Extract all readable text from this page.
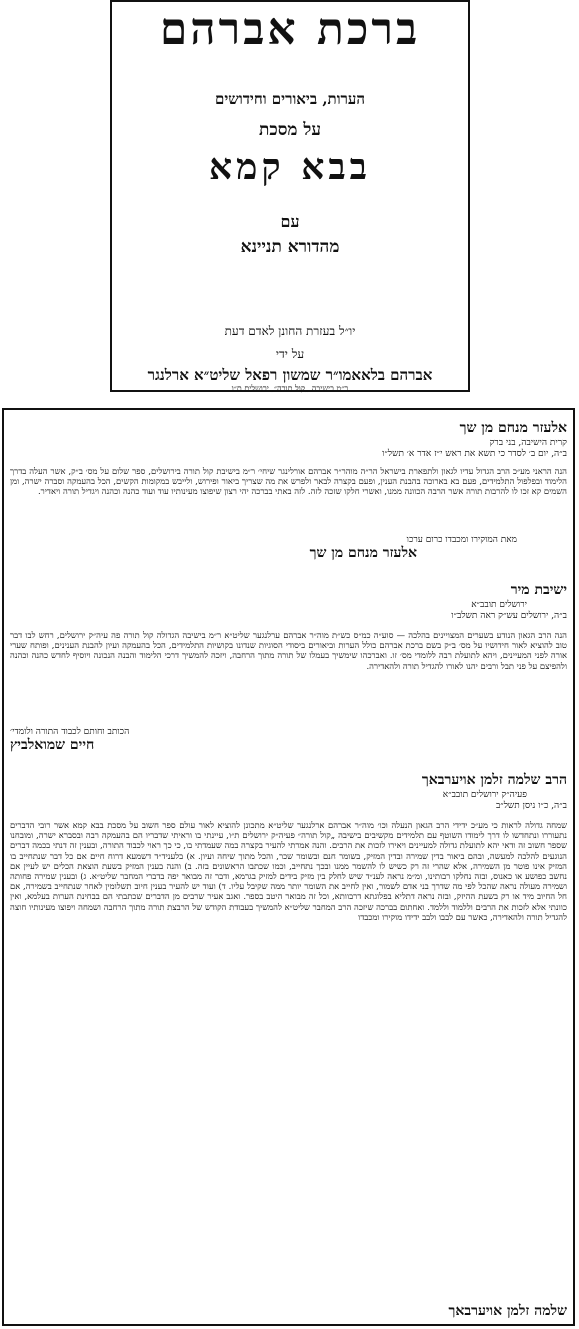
ברכת אברהם
הערות, ביאורים וחידושים
על מסכת
בבא קמא
עם
מהדורא תניינא
יו״ל בעזרת החונן לאדם דעת
על ידי
אברהם בלאאמו״ר שמשון רפאל שליט״א ארלנגר
ר״מ בישיבה „קול תורה״, ירושלים ת״ו
אלעזר מנחם מן שך
קרית הישיבה, בני ברק
ב״ה, יום ב׳ לסדר כי תשא את ראש י״ז אדר א׳ תשל״ו
הנה הראני מע״כ הרב הגדול עדיו לגאון ולתפארת בישראל הר״ה מוהר״ר אברהם אורלינגר שיחי׳ ר״מ בישיבת קול תורה בירושלים, ספר שלום על מס׳ ב״ק, אשר העלה בדרך הלימוד ובפלפול התלמידים, פעם בא בארוכה בהבנת הענין, ופעם בקצרה לבאר ולפרש את מה שצריך ביאור ופירוש, ולייבש במקומות הקשים, הכל בהעמקה וסברה ישרה, ומן השמים קא זכו לו להרבות תורה אשר הרבה הכוונה ממנו, ואשרי חלקו שזכה לזה. לזה באתי בברכה יהי רצון שיפוצו מעינותיו עוד ועוד כהנה וכהנה ויגדיל תורה ויאדיר.
מאת המוקירו ומכבדו כרום ערכו
אלעזר מנחם מן שך
ישיבת מיר
ירושלים תובב״א
ב״ה, ירושלים עש״ק ראה תשלב״ו
הנה הרב הגאון הנודע בשערים המצויינים בהלכה — סוע״ה כמ״ס כש״ת מוה״ר אברהם ערלנגער שליט״א ר״מ בישיבה הגדולה קול תורה פה עיה״ק ירושלים, רחש לבו דבר טוב להוציא לאור חידושיו על מס׳ ב״ק בשם ברכת אברהם כולל הערות וביאורים ביסודי הסוגיות שנדונו בקושיות התלמידים, הכל בהעמקה ועיון להבנת הענינים, ופותח שערי אורה לפני המעיינים, ויהא לתועלת רבה ללומדי מס׳ זו. ואברכהו שימשיך בעמלו של תורה מתוך הרחבה, ויזכה להמשיך דרכי הלימוד והבנה הנכונה ויוסיף לחדש כהנה וכהנה ולהפיצם על פני תבל ורבים יהנו לאורו להגדיל תורה ולהאדירה.
הכותב וחותם לכבוד התורה ולומדי׳
חיים שמואלביץ
הרב שלמה זלמן אויערבאך
פעיה״ק ירושלים תובב״א
ב״ה, כ״ו ניסן תשל״ב
שמחה גדולה לראות כי מע״כ ידידי הרב הגאון הנעלה וכו׳ מוה״ר אברהם ארלנגער שליט״א מתכונן להוציא לאור עולם ספר חשוב על מסכת בבא קמא אשר רובי הדברים נתעוררו ונתחדשו לו דרך לימודו השוטף עם תלמידים מקשיבים בישיבה „קול תורה״ פעיה״ק ירושלים ת״ו, עיינתי בו וראיתי שדבריו הם בהעמקה רבה ובסברא ישרה, ומובחנו שספר חשוב זה ודאי יהא לתועלת גדולה למעיינים ויאירו לזכות את הרבים. והנה אמרתי להעיר בקצרה במה שעמדתי בו, כי כך ראוי לכבוד התורה, ובענין זה דנתי בכמה דברים הנוגעים להלכה למעשה, ובהם ביאור בדין שמירה ובדין המזיק, בשומר חנם ובשומר שכר, והכל מתוך שיחה ועיון. א) בלעניד״ד דשמעא דרוח חיים אם כל דבר שנתחייב בו המזיק אינו פוטר מן השמירה, אלא שהרי זה רק כשיש לו להשמר ממנו ובכך נתחייב, וכמו שכתבו הראשונים בזה. ב) והנה בענין המזיק בשעת הוצאת הכלים יש לעיין אם נחשב כפושע או כאנוס, ובזה נחלקו רבותינו, ומ״מ נראה לענ״ד שיש לחלק בין מזיק בידים למזיק בגרמא, ודבר זה מבואר יפה בדברי המחבר שליט״א. ג) ובענין שמירה פחותה ושמירה מעולה נראה שהכל לפי מה שדרך בני אדם לשמור, ואין לחייב את השומר יותר ממה שקיבל עליו. ד) ועוד יש להעיר בענין חיוב תשלומין לאחר שנתחייב בשמירה, אם חל החיוב מיד או רק בשעת ההיזק, ובזה נראה דתליא בפלוגתא דרבוותא, וכל זה מבואר היטב בספר. ואגב אעיר שרבים מן הדברים שכתבתי הם בבחינת הערות בעלמא, ואין כוונתי אלא לזכות את הרבים וללמוד וללמד. ואחתום בברכה שיזכה הרב המחבר שליט״א להמשיך בעבודת הקודש של הרבצת תורה מתוך הרחבה ושמחה ויפוצו מעינותיו חוצה להגדיל תורה ולהאדירה, כאשר עם לבבו ולבב ידידו מוקירו ומכבדו
שלמה זלמן אויערבאך
